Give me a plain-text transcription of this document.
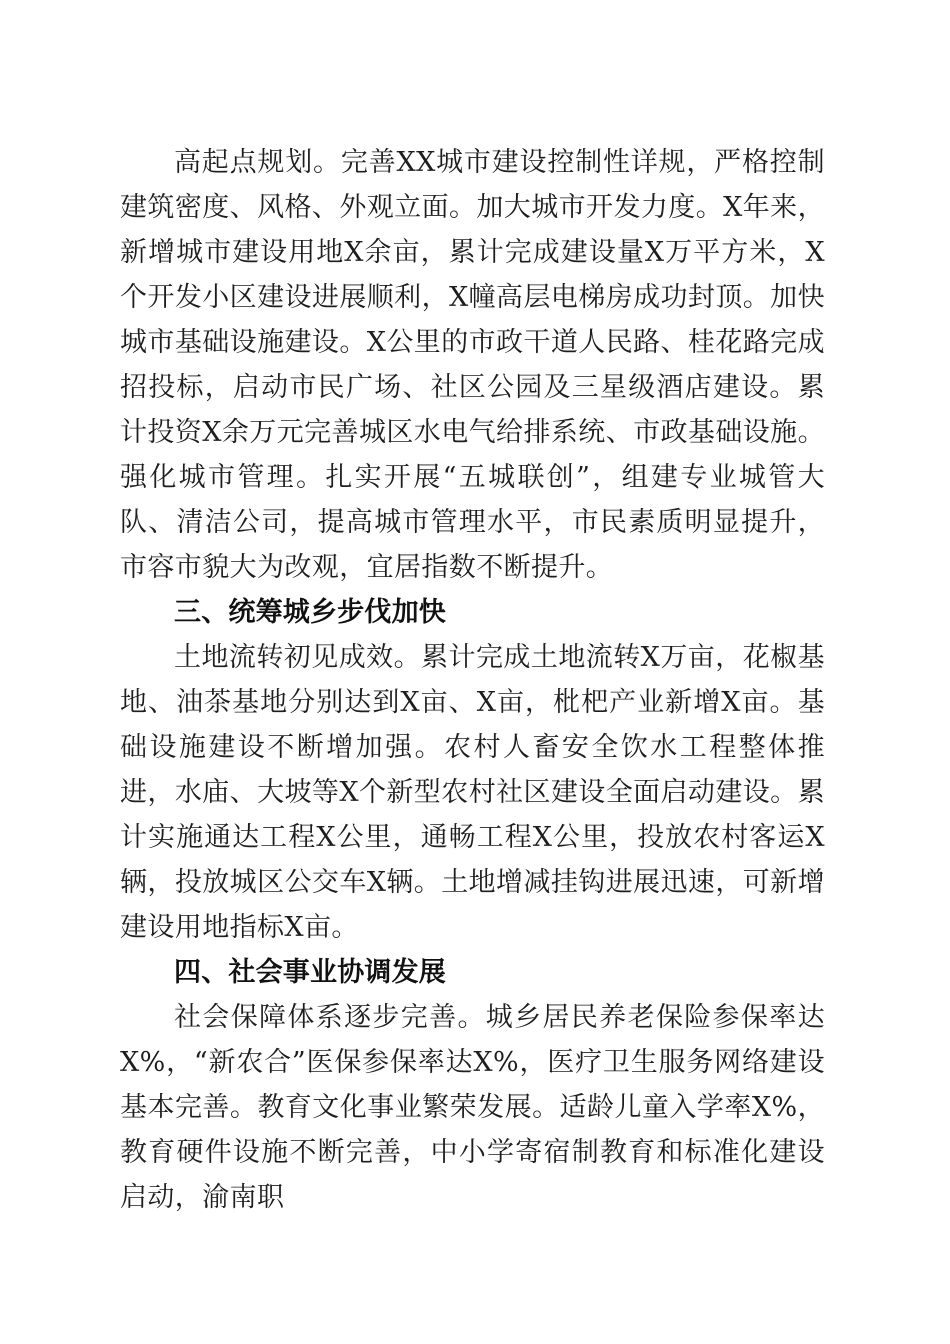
高起点规划。完善XX城市建设控制性详规，严格控制建筑密度、风格、外观立面。加大城市开发力度。X年来，新增城市建设用地X余亩，累计完成建设量X万平方米，X个开发小区建设进展顺利，X幢高层电梯房成功封顶。加快城市基础设施建设。X公里的市政干道人民路、桂花路完成招投标，启动市民广场、社区公园及三星级酒店建设。累计投资X余万元完善城区水电气给排系统、市政基础设施。强化城市管理。扎实开展“五城联创”，组建专业城管大队、清洁公司，提高城市管理水平，市民素质明显提升，市容市貌大为改观，宜居指数不断提升。

三、统筹城乡步伐加快

土地流转初见成效。累计完成土地流转X万亩，花椒基地、油茶基地分别达到X亩、X亩，枇杷产业新增X亩。基础设施建设不断增加强。农村人畜安全饮水工程整体推进，水庙、大坡等X个新型农村社区建设全面启动建设。累计实施通达工程X公里，通畅工程X公里，投放农村客运X辆，投放城区公交车X辆。土地增减挂钩进展迅速，可新增建设用地指标X亩。

四、社会事业协调发展

社会保障体系逐步完善。城乡居民养老保险参保率达X%，“新农合”医保参保率达X%，医疗卫生服务网络建设基本完善。教育文化事业繁荣发展。适龄儿童入学率X%，教育硬件设施不断完善，中小学寄宿制教育和标准化建设启动，渝南职
